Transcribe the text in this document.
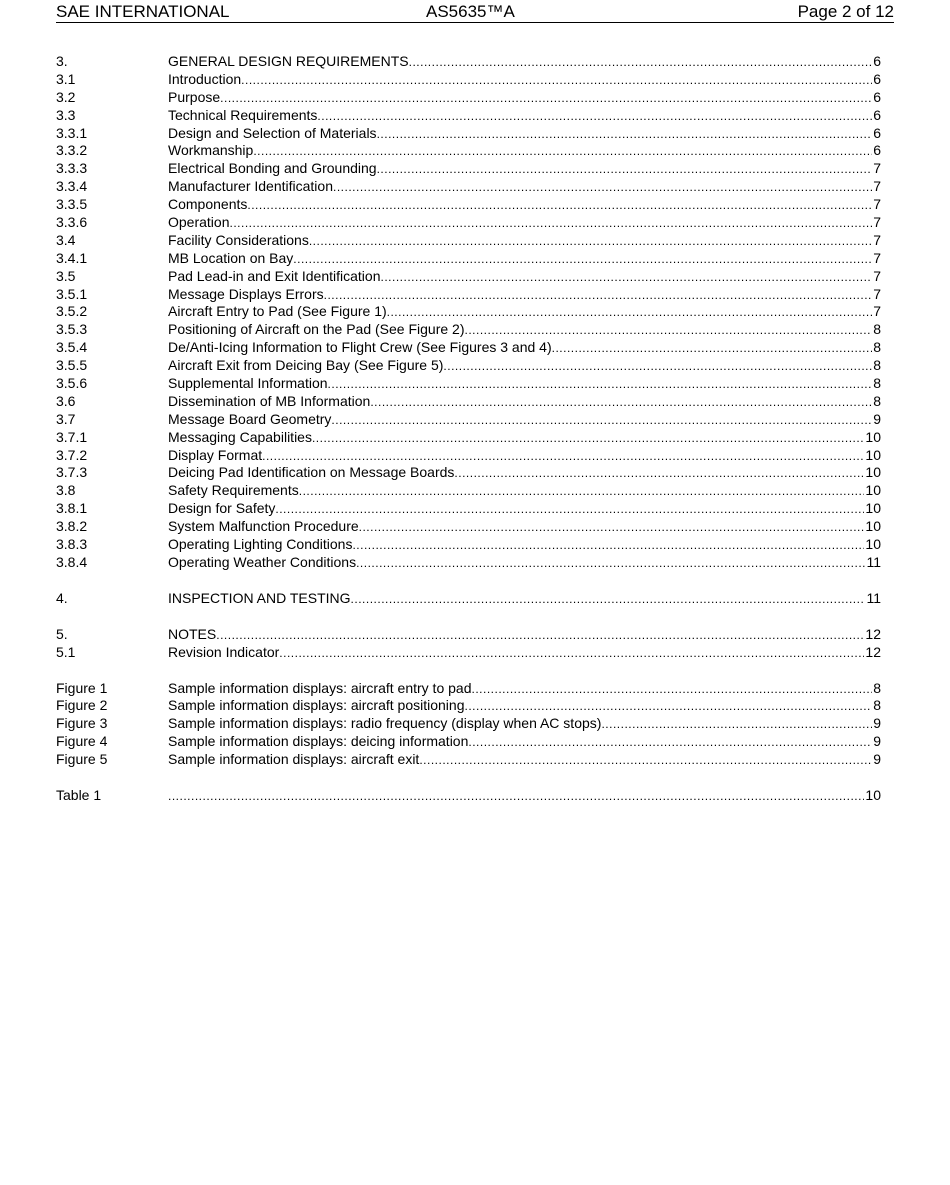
SAE INTERNATIONAL	AS5635™A	Page 2 of 12
3.	GENERAL DESIGN REQUIREMENTS .....	6
3.1	Introduction .....	6
3.2	Purpose .....	6
3.3	Technical Requirements .....	6
3.3.1	Design and Selection of Materials .....	6
3.3.2	Workmanship .....	6
3.3.3	Electrical Bonding and Grounding .....	7
3.3.4	Manufacturer Identification .....	7
3.3.5	Components .....	7
3.3.6	Operation .....	7
3.4	Facility Considerations .....	7
3.4.1	MB Location on Bay .....	7
3.5	Pad Lead-in and Exit Identification .....	7
3.5.1	Message Displays Errors .....	7
3.5.2	Aircraft Entry to Pad (See Figure 1) .....	7
3.5.3	Positioning of Aircraft on the Pad (See Figure 2) .....	8
3.5.4	De/Anti-Icing Information to Flight Crew (See Figures 3 and 4) .....	8
3.5.5	Aircraft Exit from Deicing Bay (See Figure 5) .....	8
3.5.6	Supplemental Information .....	8
3.6	Dissemination of MB Information .....	8
3.7	Message Board Geometry .....	9
3.7.1	Messaging Capabilities .....	10
3.7.2	Display Format .....	10
3.7.3	Deicing Pad Identification on Message Boards .....	10
3.8	Safety Requirements .....	10
3.8.1	Design for Safety .....	10
3.8.2	System Malfunction Procedure .....	10
3.8.3	Operating Lighting Conditions .....	10
3.8.4	Operating Weather Conditions .....	11
4.	INSPECTION AND TESTING .....	11
5.	NOTES .....	12
5.1	Revision Indicator .....	12
Figure 1	Sample information displays: aircraft entry to pad .....	8
Figure 2	Sample information displays: aircraft positioning .....	8
Figure 3	Sample information displays: radio frequency (display when AC stops) .....	9
Figure 4	Sample information displays: deicing information .....	9
Figure 5	Sample information displays: aircraft exit .....	9
Table 1 .....	10
